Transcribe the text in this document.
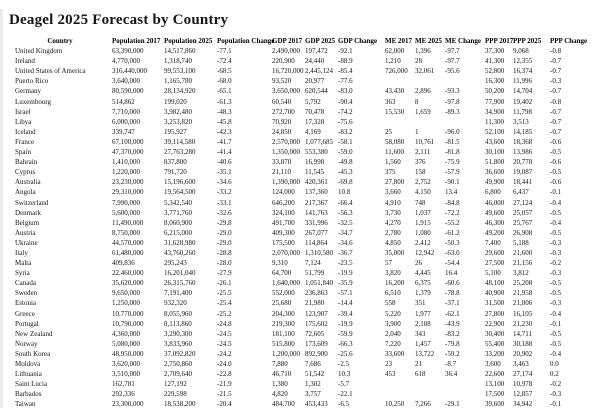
Deagel 2025 Forecast by Country
Country	Population 2017	Population 2025	Population Change	GDP 2017	GDP 2025	GDP Change	ME 2017	ME 2025	ME Change	PPP 2017	PPP 2025	PPP Change
United Kingdom	63,390,000	14,517,860	-77.1	2,490,000	197,472	-92.1	62,000	1,396	-97.7	37,300	9,068	-0.8
Ireland	4,770,000	1,318,740	-72.4	220,900	24,440	-88.9	1,210	28	-97.7	41,300	12,355	-0.7
United States of America	316,440,000	99,553,100	-68.5	16,720,000	2,445,124	-85.4	726,000	32,061	-95.6	52,800	16,374	-0.7
Puerto Rico	3,640,000	1,165,780	-68.0	93,520	20,977	-77.6				16,300	11,996	-0.3
Germany	80,590,000	28,134,920	-65.1	3,650,000	620,544	-83.0	43,430	2,896	-93.3	50,200	14,704	-0.7
Luxembourg	514,862	199,020	-61.3	60,540	5,792	-90.4	363	8	-97.8	77,900	19,402	-0.8
Israel	7,710,000	3,982,480	-48.3	272,700	70,478	-74.2	15,530	1,659	-89.3	34,900	11,798	-0.7
Libya	6,000,000	3,253,820	-45.8	70,920	17,328	-75.6				11,300	3,513	-0.7
Iceland	339,747	195,927	-42.3	24,850	4,169	-83.2	25	1	-96.0	52,100	14,185	-0.7
France	67,100,000	39,114,580	-41.7	2,570,000	1,077,685	-58.1	58,080	10,761	-81.5	43,600	18,368	-0.6
Spain	47,370,000	27,763,280	-41.4	1,350,000	553,380	-59.0	11,600	2,111	-81.8	30,100	13,986	-0.5
Bahrain	1,410,000	837,800	-40.6	33,870	16,998	-49.8	1,560	376	-75.9	51,800	20,778	-0.6
Cyprus	1,220,000	791,720	-35.1	21,110	11,545	-45.3	375	158	-57.9	36,600	19,087	-0.5
Australia	23,230,000	15,196,600	-34.6	1,390,000	420,361	-69.8	27,800	2,752	-90.1	49,900	18,441	-0.6
Angola	29,310,000	19,564,500	-33.2	124,000	137,360	10.8	3,660	4,150	13.4	6,800	6,437	-0.1
Switzerland	7,990,000	5,342,540	-33.1	646,200	217,367	-66.4	4,910	748	-84.8	46,000	27,124	-0.4
Denmark	5,600,000	3,771,760	-32.6	324,100	141,763	-56.3	3,730	1,037	-72.2	49,600	25,057	-0.5
Belgium	11,490,000	8,060,900	-29.8	491,700	331,996	-32.5	4,270	1,915	-55.2	46,300	25,767	-0.4
Austria	8,750,000	6,215,000	-29.0	409,300	267,077	-34.7	2,780	1,080	-61.2	49,200	26,908	-0.5
Ukraine	44,570,000	31,628,980	-29.0	175,500	114,864	-34.6	4,850	2,412	-50.3	7,400	5,188	-0.3
Italy	61,480,000	43,760,260	-28.8	2,070,000	1,310,580	-36.7	35,000	12,942	-63.0	29,600	21,600	-0.3
Malta	409,836	295,243	-28.0	9,310	7,124	-23.5	57	26	-54.4	27,500	21,156	-0.2
Syria	22,460,000	16,201,040	-27.9	64,700	51,799	-19.9	3,820	4,445	16.4	5,100	3,812	-0.3
Canada	35,620,000	26,315,760	-26.1	1,640,000	1,051,840	-35.9	16,200	6,375	-60.6	48,100	25,208	-0.5
Sweden	9,650,000	7,191,400	-25.5	552,000	236,863	-57.1	6,510	1,379	-78.8	40,900	21,958	-0.5
Estonia	1,250,000	932,320	-25.4	25,680	21,980	-14.4	558	351	-37.1	31,500	21,806	-0.3
Greece	10,770,000	8,055,960	-25.2	204,300	123,907	-39.4	5,220	1,977	-62.1	27,800	16,105	-0.4
Portugal	10,790,000	8,113,860	-24.8	219,300	175,602	-19.9	3,900	2,188	-43.9	22,900	21,230	-0.1
New Zealand	4,360,000	3,290,300	-24.5	181,100	72,605	-59.9	2,040	343	-83.2	30,400	14,711	-0.5
Norway	5,080,000	3,833,960	-24.5	515,800	173,609	-66.3	7,220	1,457	-79.8	55,400	30,188	-0.5
South Korea	48,950,000	37,092,820	-24.2	1,200,000	892,900	-25.6	33,600	13,722	-59.2	33,200	20,902	-0.4
Moldova	3,620,000	2,750,860	-24.0	7,880	7,686	-2.5	23	21	-8.7	3,600	3,463	0.0
Lithuania	3,510,000	2,709,640	-22.8	46,710	51,542	10.3	453	618	36.4	22,600	27,174	0.2
Saint Lucia	162,781	127,192	-21.9	1,380	1,302	-5.7				13,100	10,978	-0.2
Barbados	292,336	229,598	-21.5	4,820	3,757	-22.1				17,500	12,857	-0.3
Taiwan	23,300,000	18,538,200	-20.4	484,700	453,433	-6.5	10,250	7,266	-29.1	39,600	34,942	-0.1
